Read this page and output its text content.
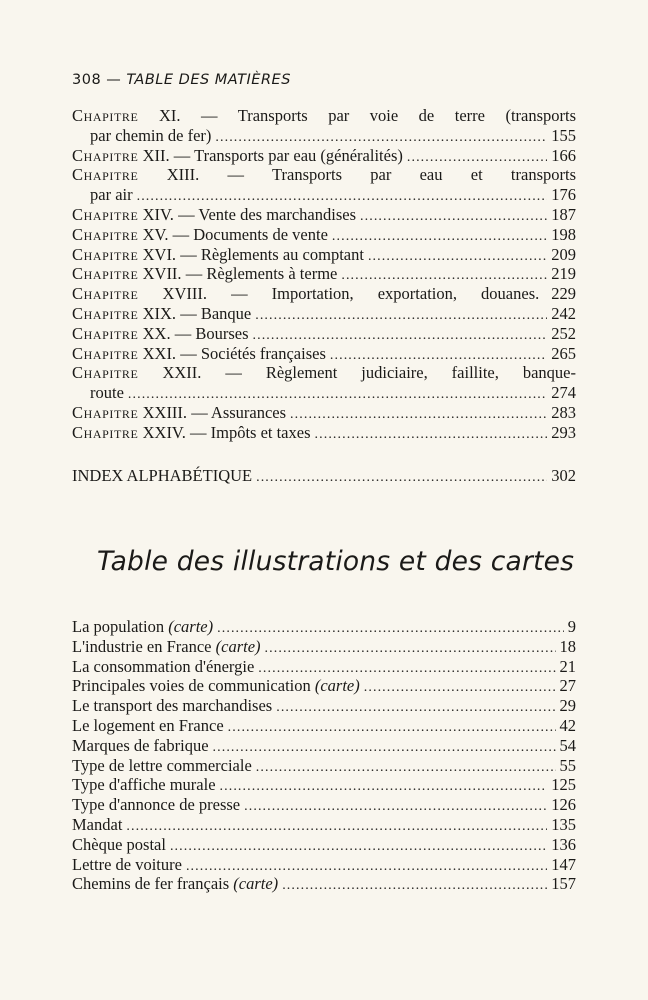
308 — TABLE DES MATIÈRES
Chapitre XI. — Transports par voie de terre (transports
par chemin de fer) . . .	155
Chapitre XII. — Transports par eau (généralités) . . .	166
Chapitre XIII. — Transports par eau et transports
par air . . .	176
Chapitre XIV. — Vente des marchandises . . .	187
Chapitre XV. — Documents de vente . . .	198
Chapitre XVI. — Règlements au comptant . . .	209
Chapitre XVII. — Règlements à terme . . .	219
Chapitre XVIII. — Importation, exportation, douanes. 229
Chapitre XIX. — Banque . . .	242
Chapitre XX. — Bourses . . .	252
Chapitre XXI. — Sociétés françaises . . .	265
Chapitre XXII. — Règlement judiciaire, faillite, banque-
route . . .	274
Chapitre XXIII. — Assurances . . .	283
Chapitre XXIV. — Impôts et taxes . . .	293
INDEX ALPHABÉTIQUE . . .	302
Table des illustrations et des cartes
La population (carte) . . .	9
L'industrie en France (carte) . . .	18
La consommation d'énergie . . .	21
Principales voies de communication (carte) . . .	27
Le transport des marchandises . . .	29
Le logement en France . . .	42
Marques de fabrique . . .	54
Type de lettre commerciale . . .	55
Type d'affiche murale . . .	125
Type d'annonce de presse . . .	126
Mandat . . .	135
Chèque postal . . .	136
Lettre de voiture . . .	147
Chemins de fer français (carte) . . .	157
